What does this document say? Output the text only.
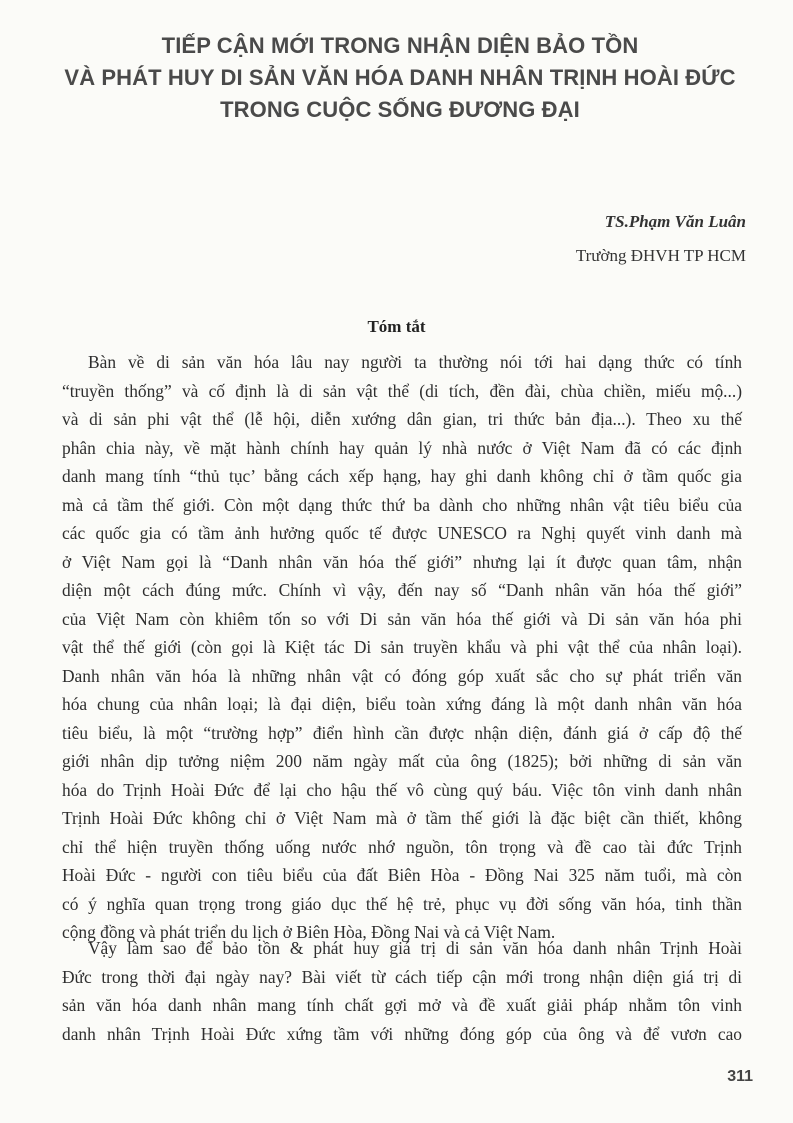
TIẾP CẬN MỚI TRONG NHẬN DIỆN BẢO TỒN
VÀ PHÁT HUY DI SẢN VĂN HÓA DANH NHÂN TRỊNH HOÀI ĐỨC
TRONG CUỘC SỐNG ĐƯƠNG ĐẠI

TS.Phạm Văn Luân

Trường ĐHVH TP HCM

Tóm tắt

Bàn về di sản văn hóa lâu nay người ta thường nói tới hai dạng thức có tính
“truyền thống” và cố định là di sản vật thể (di tích, đền đài, chùa chiền, miếu mộ...)
và di sản phi vật thể (lễ hội, diễn xướng dân gian, tri thức bản địa...). Theo xu thế
phân chia này, về mặt hành chính hay quản lý nhà nước ở Việt Nam đã có các định
danh mang tính “thủ tục’ bằng cách xếp hạng, hay ghi danh không chỉ ở tầm quốc gia
mà cả tầm thế giới. Còn một dạng thức thứ ba dành cho những nhân vật tiêu biểu của
các quốc gia có tầm ảnh hưởng quốc tế được UNESCO ra Nghị quyết vinh danh mà
ở Việt Nam gọi là “Danh nhân văn hóa thế giới” nhưng lại ít được quan tâm, nhận
diện một cách đúng mức. Chính vì vậy, đến nay số “Danh nhân văn hóa thế giới”
của Việt Nam còn khiêm tốn so với Di sản văn hóa thế giới và Di sản văn hóa phi
vật thể thế giới (còn gọi là Kiệt tác Di sản truyền khẩu và phi vật thể của nhân loại).
Danh nhân văn hóa là những nhân vật có đóng góp xuất sắc cho sự phát triển văn
hóa chung của nhân loại; là đại diện, biểu toàn xứng đáng là một danh nhân văn hóa
tiêu biểu, là một “trường hợp” điển hình cần được nhận diện, đánh giá ở cấp độ thế
giới nhân dịp tưởng niệm 200 năm ngày mất của ông (1825); bởi những di sản văn
hóa do Trịnh Hoài Đức để lại cho hậu thế vô cùng quý báu. Việc tôn vinh danh nhân
Trịnh Hoài Đức không chỉ ở Việt Nam mà ở tầm thế giới là đặc biệt cần thiết, không
chỉ thể hiện truyền thống uống nước nhớ nguồn, tôn trọng và đề cao tài đức Trịnh
Hoài Đức - người con tiêu biểu của đất Biên Hòa - Đồng Nai 325 năm tuổi, mà còn
có ý nghĩa quan trọng trong giáo dục thế hệ trẻ, phục vụ đời sống văn hóa, tinh thần
cộng đồng và phát triển du lịch ở Biên Hòa, Đồng Nai và cả Việt Nam.
Vậy làm sao để bảo tồn & phát huy giá trị di sản văn hóa danh nhân Trịnh Hoài
Đức trong thời đại ngày nay? Bài viết từ cách tiếp cận mới trong nhận diện giá trị di
sản văn hóa danh nhân mang tính chất gợi mở và đề xuất giải pháp nhằm tôn vinh
danh nhân Trịnh Hoài Đức xứng tầm với những đóng góp của ông và để vươn cao

311
